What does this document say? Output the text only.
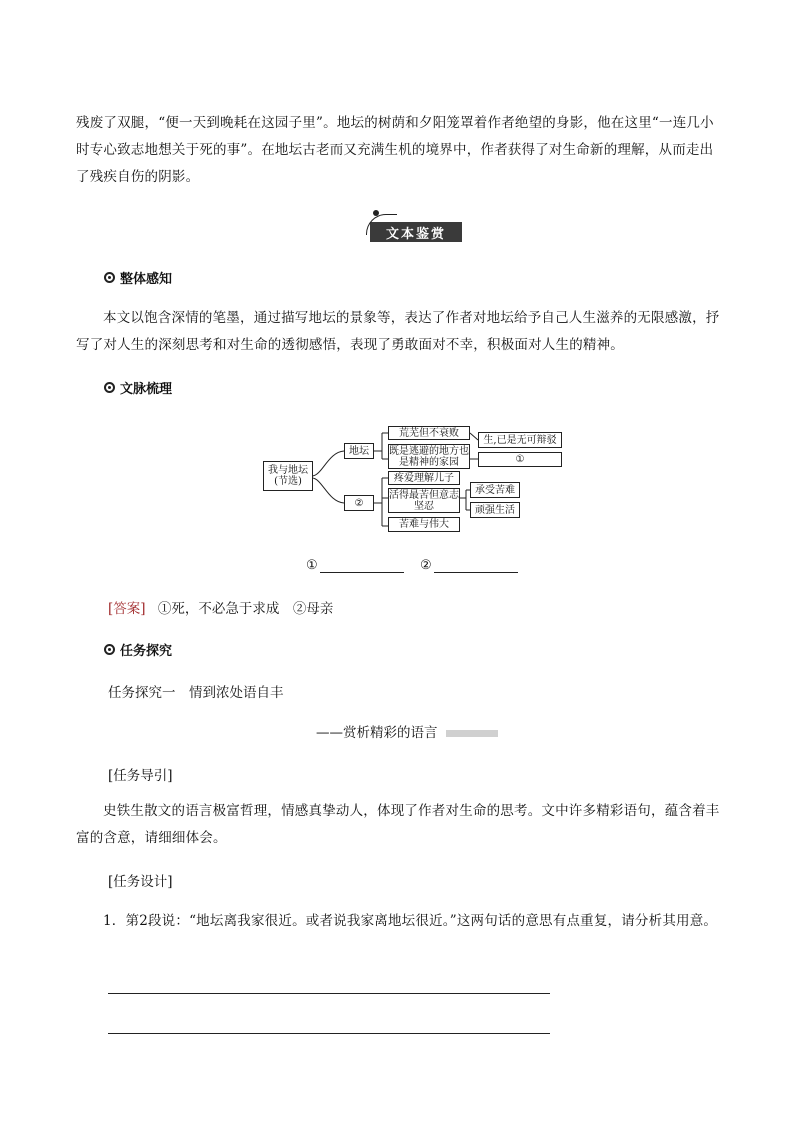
残废了双腿，“便一天到晚耗在这园子里”。地坛的树荫和夕阳笼罩着作者绝望的身影，他在这里“一连几小时专心致志地想关于死的事”。在地坛古老而又充满生机的境界中，作者获得了对生命新的理解，从而走出了残疾自伤的阴影。
文本鉴赏
整体感知
本文以饱含深情的笔墨，通过描写地坛的景象等，表达了作者对地坛给予自己人生滋养的无限感激，抒写了对人生的深刻思考和对生命的透彻感悟，表现了勇敢面对不幸，积极面对人生的精神。
文脉梳理
我与地坛(节选)
地坛
②
荒芜但不衰败
既是逃避的地方也是精神的家园
生,已是无可辩驳
①
疼爱理解儿子
活得最苦但意志坚忍
苦难与伟大
承受苦难
顽强生活
①	②
[答案] ①死，不必急于求成　②母亲
任务探究
任务探究一　情到浓处语自丰
——赏析精彩的语言
[任务导引]
史铁生散文的语言极富哲理，情感真挚动人，体现了作者对生命的思考。文中许多精彩语句，蕴含着丰富的含意，请细细体会。
[任务设计]
1．第2段说：“地坛离我家很近。或者说我家离地坛很近。”这两句话的意思有点重复，请分析其用意。
